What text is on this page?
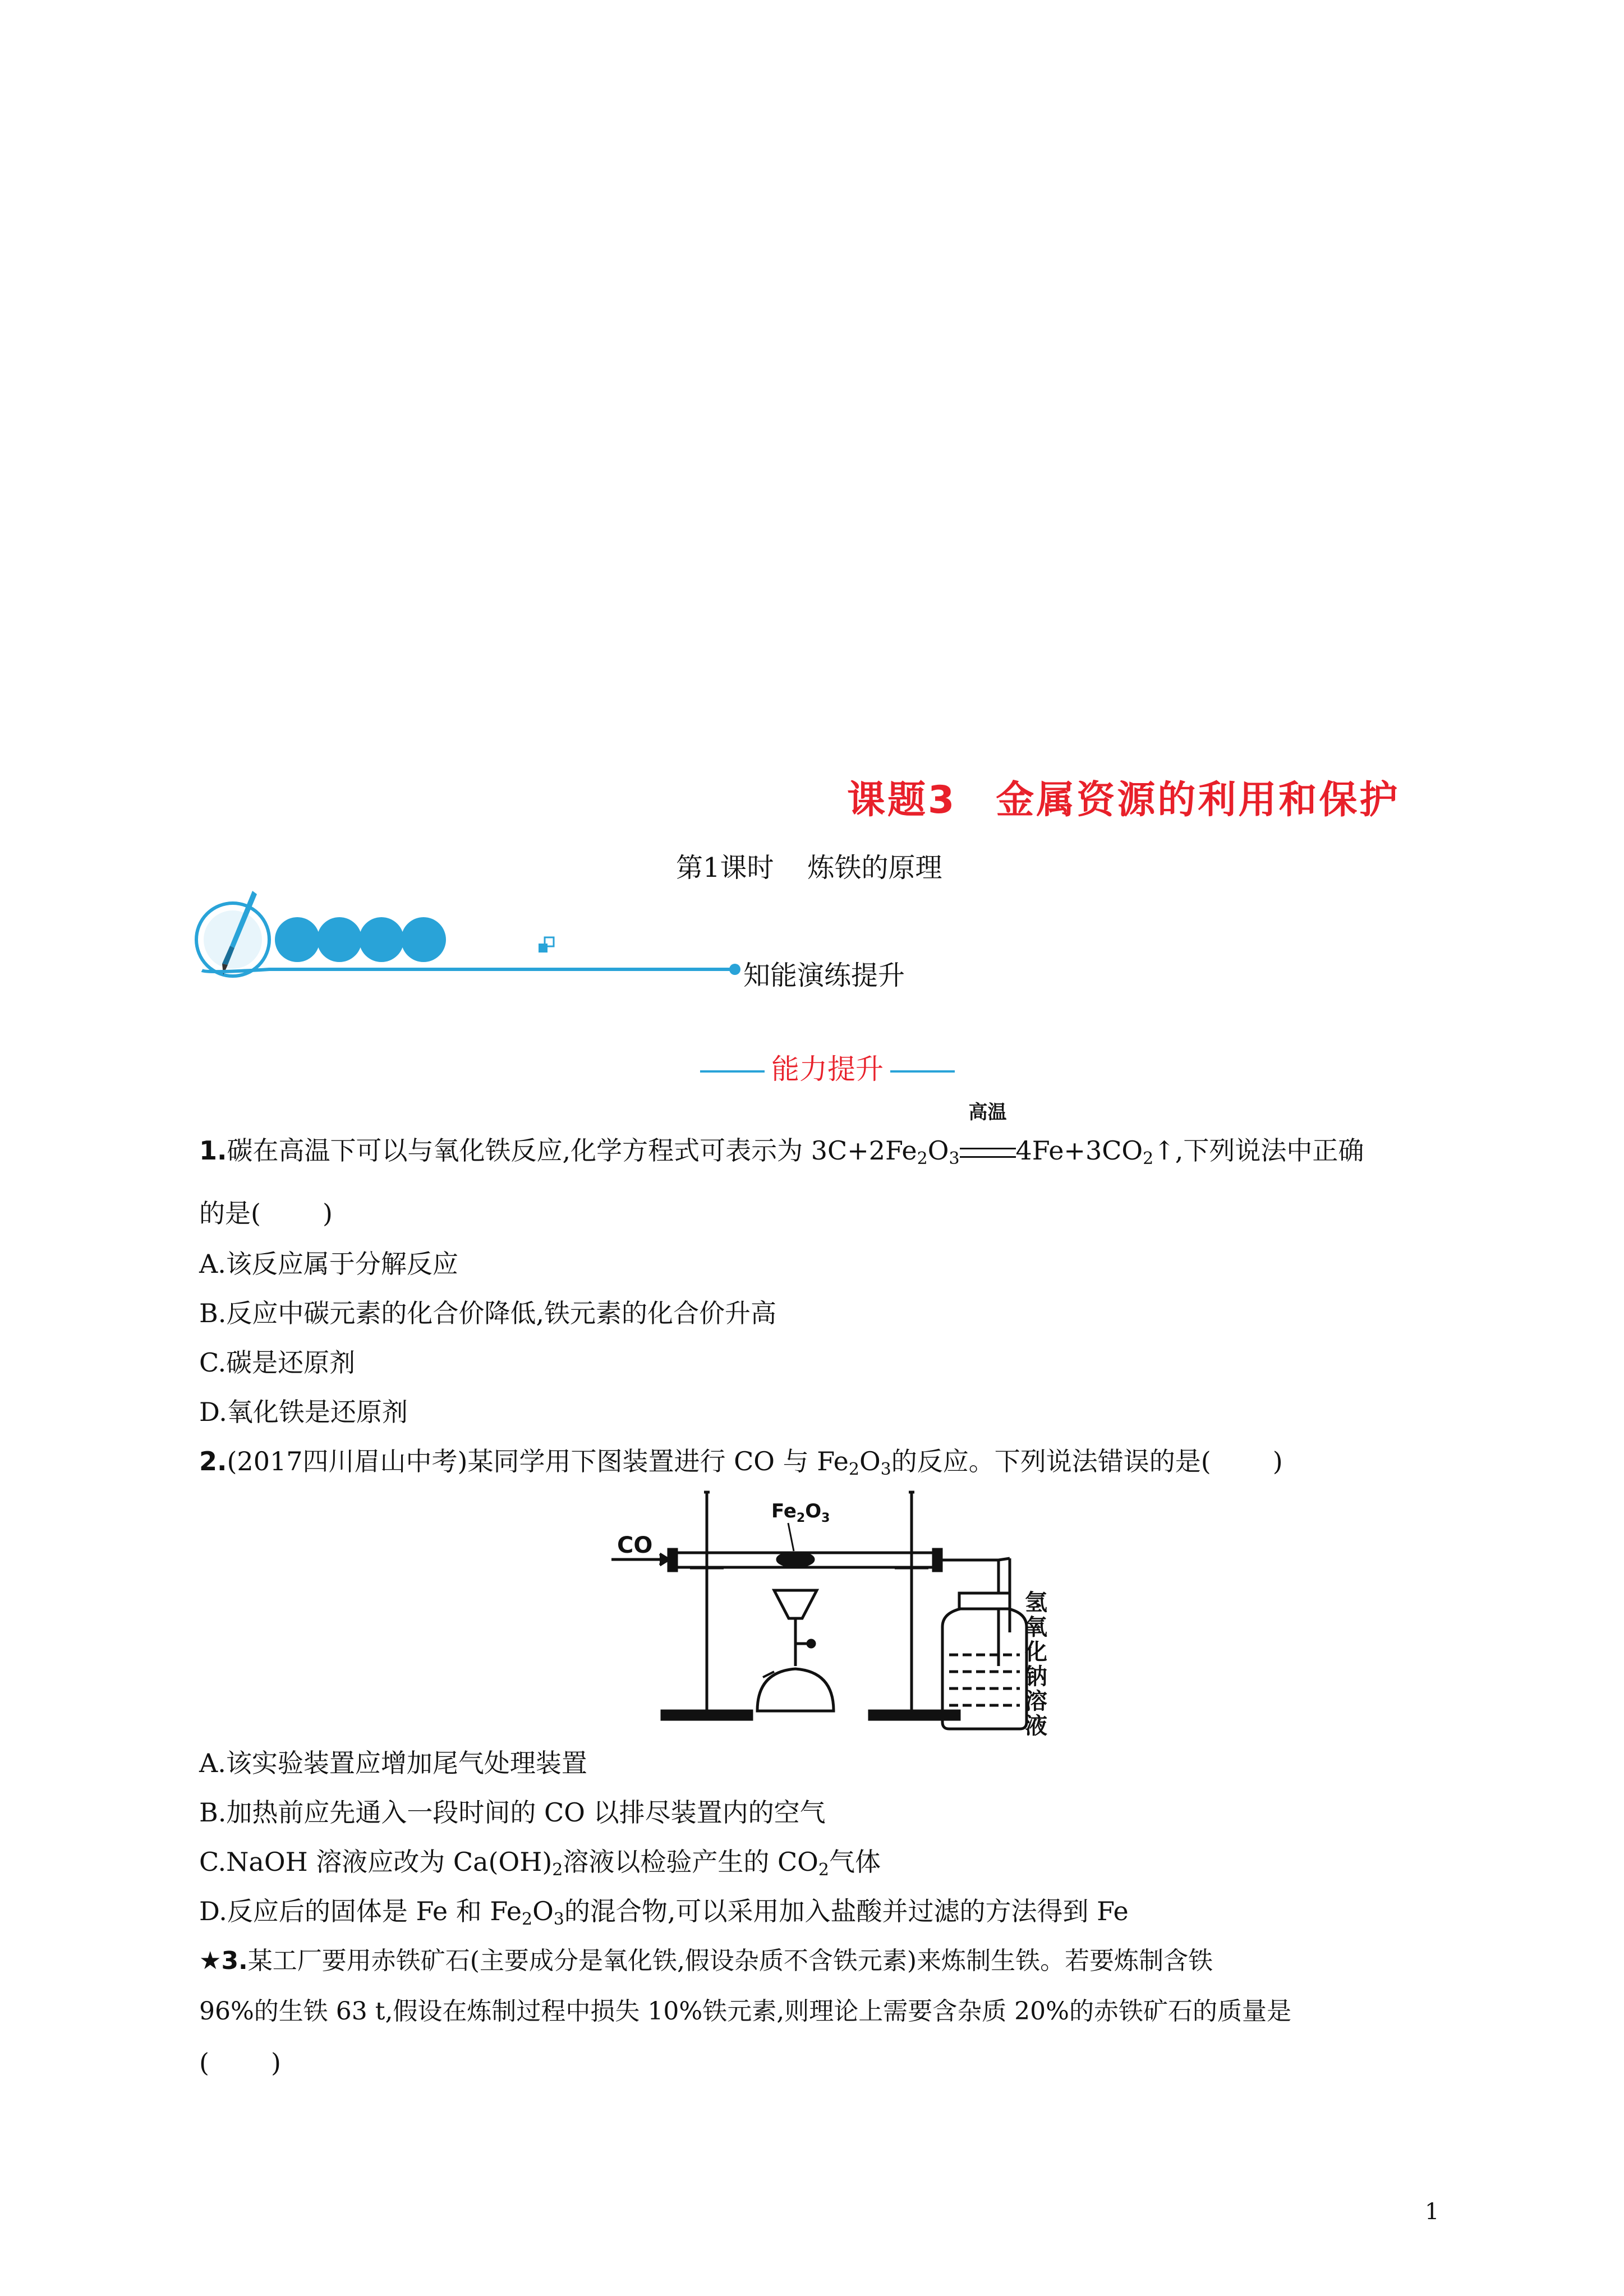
课题3 金属资源的利用和保护
第1课时 炼铁的原理
知能演练提升
能力提升
1.碳在高温下可以与氧化铁反应,化学方程式可表示为 $3C+2Fe_2O_3$
高温
$4Fe+3CO_2↑$,下列说法中正确
的是( )
A.该反应属于分解反应
B.反应中碳元素的化合价降低,铁元素的化合价升高
C.碳是还原剂
D.氧化铁是还原剂
2.(2017四川眉山中考)某同学用下图装置进行 CO 与 $Fe_2O_3$的反应。下列说法错误的是( )
CO
$Fe_2O_3$
氢
氧
化
钠
溶
液
A.该实验装置应增加尾气处理装置
B.加热前应先通入一段时间的 CO 以排尽装置内的空气
C.NaOH 溶液应改为 $Ca(OH)_2$溶液以检验产生的 $CO_2$气体
D.反应后的固体是 Fe 和 $Fe_2O_3$的混合物,可以采用加入盐酸并过滤的方法得到 Fe
★3.某工厂要用赤铁矿石(主要成分是氧化铁,假设杂质不含铁元素)来炼制生铁。若要炼制含铁
96%的生铁 63 t,假设在炼制过程中损失 10%铁元素,则理论上需要含杂质 20%的赤铁矿石的质量是
( )
1
